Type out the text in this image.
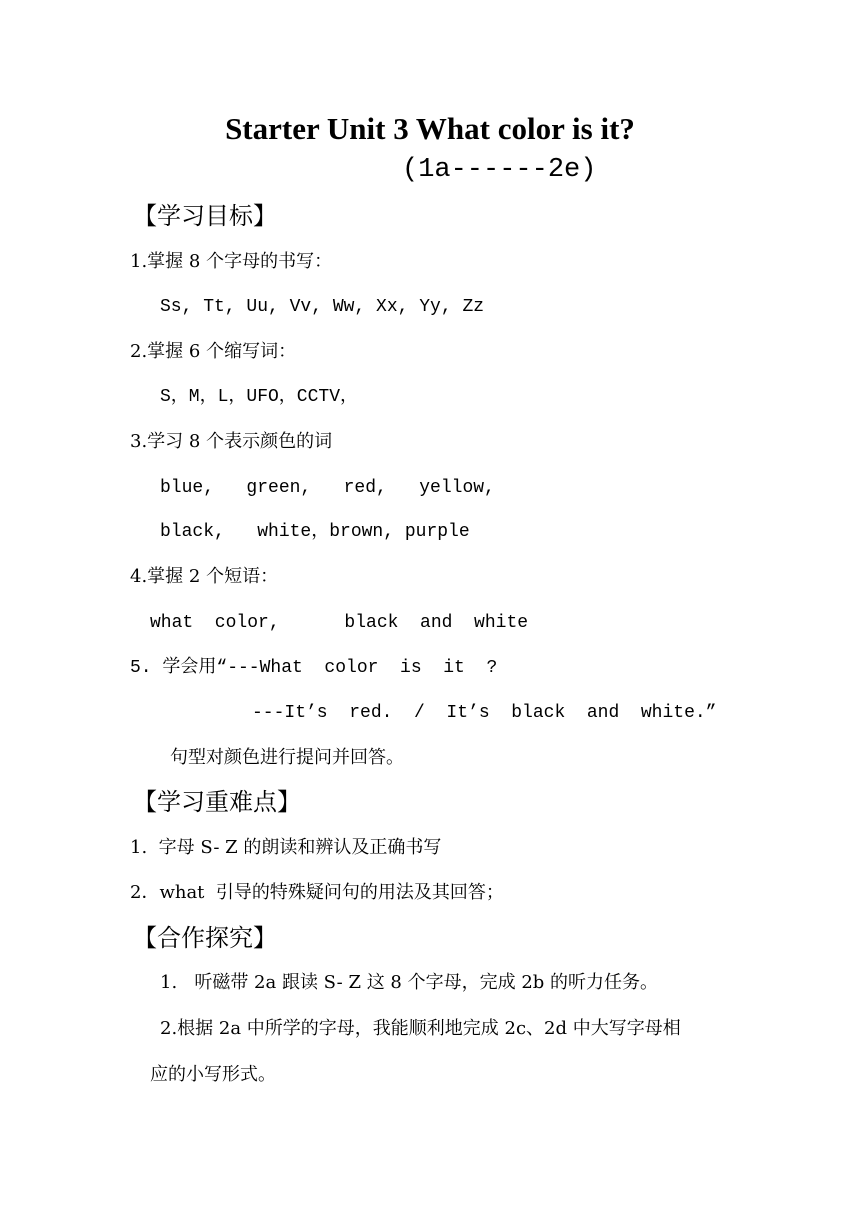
Starter Unit 3 What color is it?
(1a------2e)
【学习目标】
1.掌握 8 个字母的书写：
Ss, Tt, Uu, Vv, Ww, Xx, Yy, Zz
2.掌握 6 个缩写词：
S，M，L，UFO，CCTV，
3.学习 8 个表示颜色的词
blue,   green,   red,   yellow,
black,   white，brown, purple
4.掌握 2 个短语：
what  color,      black  and  white
5. 学会用“---What  color  is  it  ?
---It’s  red.  /  It’s  black  and  white.”
句型对颜色进行提问并回答。
【学习重难点】
1.  字母 S- Z 的朗读和辨认及正确书写
2．what  引导的特殊疑问句的用法及其回答；
【合作探究】
1.   听磁带 2a 跟读 S- Z 这 8 个字母，完成 2b 的听力任务。
2.根据 2a 中所学的字母，我能顺利地完成 2c、2d 中大写字母相
应的小写形式。
